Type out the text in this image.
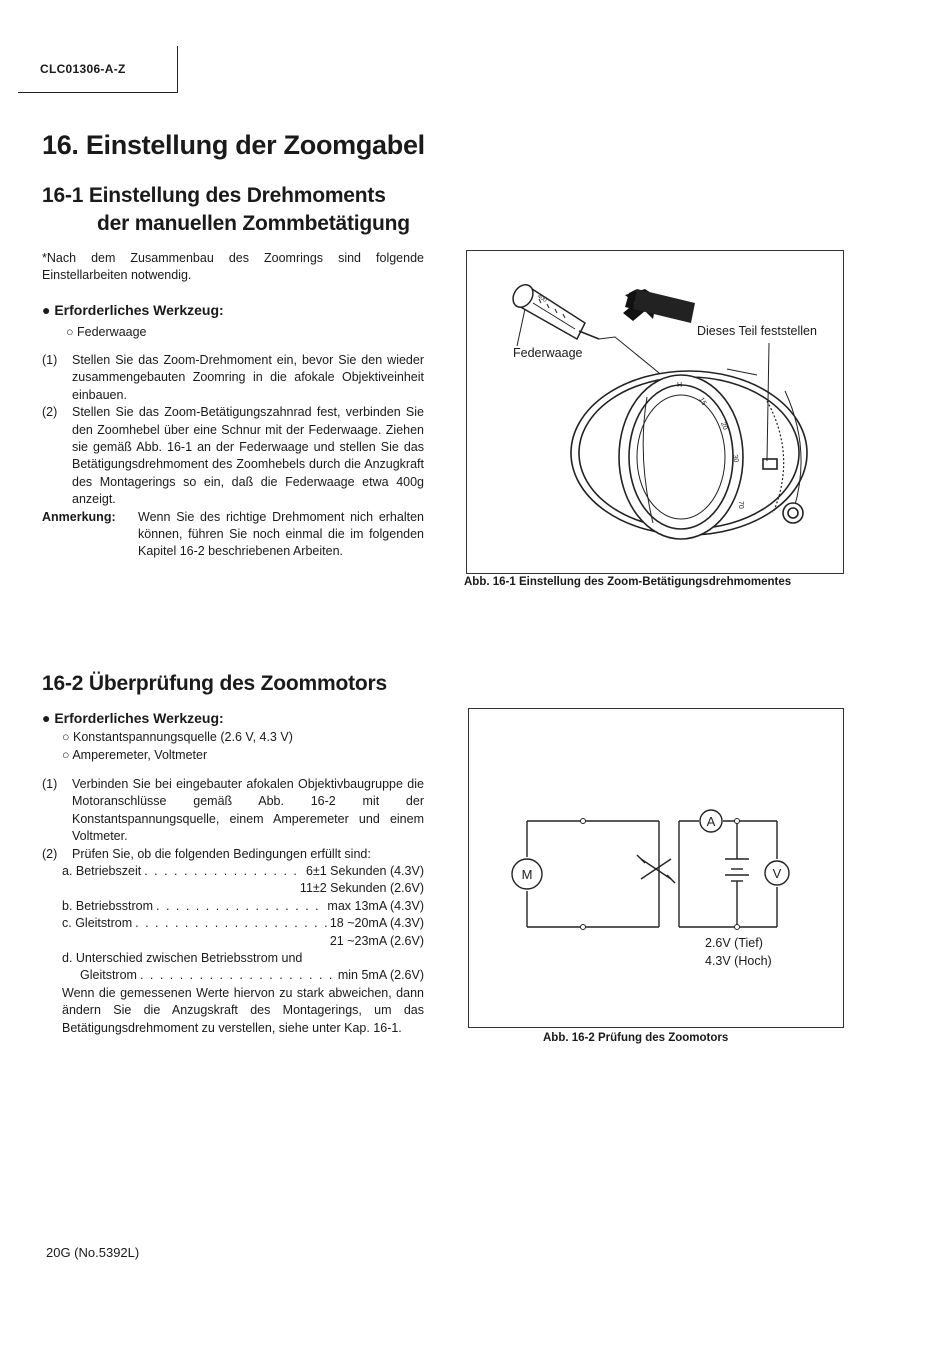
CLC01306-A-Z
16. Einstellung der Zoomgabel
16-1 Einstellung des Drehmoments
der manuellen Zommbetätigung
*Nach dem Zusammenbau des Zoomrings sind folgende Einstellarbeiten notwendig.
● Erforderliches Werkzeug:
○ Federwaage
(1)	Stellen Sie das Zoom-Drehmoment ein, bevor Sie den wieder zusammengebauten Zoomring in die afokale Objektiveinheit einbauen.
(2)	Stellen Sie das Zoom-Betätigungszahnrad fest, verbinden Sie den Zoomhebel über eine Schnur mit der Federwaage. Ziehen sie gemäß Abb. 16-1 an der Federwaage und stellen Sie das Betätigungsdrehmoment des Zoomhebels durch die Anzugkraft des Montagerings so ein, daß die Federwaage etwa 400g anzeigt.
Anmerkung:	Wenn Sie des richtige Drehmoment nich erhalten können, führen Sie noch einmal die im folgenden Kapitel 16-2 beschriebenen Arbeiten.
400
H
15
20
30
70
Federwaage
Dieses Teil feststellen
Abb. 16-1 Einstellung des Zoom-Betätigungsdrehmomentes
16-2 Überprüfung des Zoommotors
● Erforderliches Werkzeug:
○ Konstantspannungsquelle (2.6 V, 4.3 V)
○ Amperemeter, Voltmeter
(1)	Verbinden Sie bei eingebauter afokalen Objektivbaugruppe die Motoranschlüsse gemäß Abb. 16-2 mit der Konstantspannungsquelle, einem Amperemeter und einem Voltmeter.
(2)	Prüfen Sie, ob die folgenden Bedingungen erfüllt sind:
a. Betriebszeit . . .	6±1 Sekunden (4.3V)
11±2 Sekunden (2.6V)
b. Betriebsstrom . . .	max 13mA (4.3V)
c. Gleitstrom . . .	18 ~20mA (4.3V)
21 ~23mA (2.6V)
d. Unterschied zwischen Betriebsstrom und
Gleitstrom . . .	min 5mA (2.6V)
Wenn die gemessenen Werte hiervon zu stark abweichen, dann ändern Sie die Anzugskraft des Montagerings, um das Betätigungsdrehmoment zu verstellen, siehe unter Kap. 16-1.
M
A
V
2.6V (Tief)
4.3V (Hoch)
Abb. 16-2 Prüfung des Zoomotors
20G (No.5392L)
